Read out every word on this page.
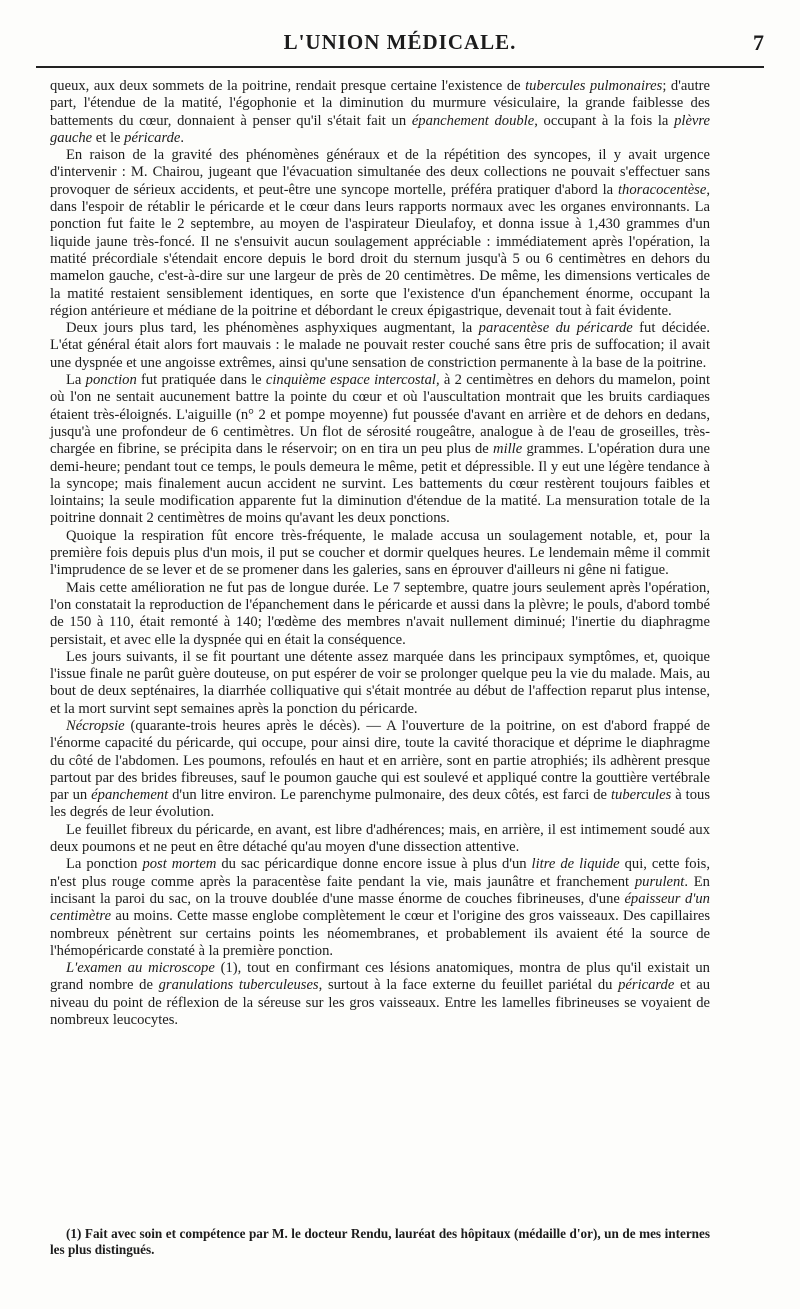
L'UNION MÉDICALE.	7

queux, aux deux sommets de la poitrine, rendait presque certaine l'existence de tubercules pulmonaires; d'autre part, l'étendue de la matité, l'égophonie et la diminution du murmure vésiculaire, la grande faiblesse des battements du cœur, donnaient à penser qu'il s'était fait un épanchement double, occupant à la fois la plèvre gauche et le péricarde.

En raison de la gravité des phénomènes généraux et de la répétition des syncopes, il y avait urgence d'intervenir : M. Chairou, jugeant que l'évacuation simultanée des deux collections ne pouvait s'effectuer sans provoquer de sérieux accidents, et peut-être une syncope mortelle, préféra pratiquer d'abord la thoracocentèse, dans l'espoir de rétablir le péricarde et le cœur dans leurs rapports normaux avec les organes environnants. La ponction fut faite le 2 septembre, au moyen de l'aspirateur Dieulafoy, et donna issue à 1,430 grammes d'un liquide jaune très-foncé. Il ne s'ensuivit aucun soulagement appréciable : immédiatement après l'opération, la matité précordiale s'étendait encore depuis le bord droit du sternum jusqu'à 5 ou 6 centimètres en dehors du mamelon gauche, c'est-à-dire sur une largeur de près de 20 centimètres. De même, les dimensions verticales de la matité restaient sensiblement identiques, en sorte que l'existence d'un épanchement énorme, occupant la région antérieure et médiane de la poitrine et débordant le creux épigastrique, devenait tout à fait évidente.

Deux jours plus tard, les phénomènes asphyxiques augmentant, la paracentèse du péricarde fut décidée. L'état général était alors fort mauvais : le malade ne pouvait rester couché sans être pris de suffocation; il avait une dyspnée et une angoisse extrêmes, ainsi qu'une sensation de constriction permanente à la base de la poitrine.

La ponction fut pratiquée dans le cinquième espace intercostal, à 2 centimètres en dehors du mamelon, point où l'on ne sentait aucunement battre la pointe du cœur et où l'auscultation montrait que les bruits cardiaques étaient très-éloignés. L'aiguille (n° 2 et pompe moyenne) fut poussée d'avant en arrière et de dehors en dedans, jusqu'à une profondeur de 6 centimètres. Un flot de sérosité rougeâtre, analogue à de l'eau de groseilles, très-chargée en fibrine, se précipita dans le réservoir; on en tira un peu plus de mille grammes. L'opération dura une demi-heure; pendant tout ce temps, le pouls demeura le même, petit et dépressible. Il y eut une légère tendance à la syncope; mais finalement aucun accident ne survint. Les battements du cœur restèrent toujours faibles et lointains; la seule modification apparente fut la diminution d'étendue de la matité. La mensuration totale de la poitrine donnait 2 centimètres de moins qu'avant les deux ponctions.

Quoique la respiration fût encore très-fréquente, le malade accusa un soulagement notable, et, pour la première fois depuis plus d'un mois, il put se coucher et dormir quelques heures. Le lendemain même il commit l'imprudence de se lever et de se promener dans les galeries, sans en éprouver d'ailleurs ni gêne ni fatigue.

Mais cette amélioration ne fut pas de longue durée. Le 7 septembre, quatre jours seulement après l'opération, l'on constatait la reproduction de l'épanchement dans le péricarde et aussi dans la plèvre; le pouls, d'abord tombé de 150 à 110, était remonté à 140; l'œdème des membres n'avait nullement diminué; l'inertie du diaphragme persistait, et avec elle la dyspnée qui en était la conséquence.

Les jours suivants, il se fit pourtant une détente assez marquée dans les principaux symptômes, et, quoique l'issue finale ne parût guère douteuse, on put espérer de voir se prolonger quelque peu la vie du malade. Mais, au bout de deux septénaires, la diarrhée colliquative qui s'était montrée au début de l'affection reparut plus intense, et la mort survint sept semaines après la ponction du péricarde.

Nécropsie (quarante-trois heures après le décès). — A l'ouverture de la poitrine, on est d'abord frappé de l'énorme capacité du péricarde, qui occupe, pour ainsi dire, toute la cavité thoracique et déprime le diaphragme du côté de l'abdomen. Les poumons, refoulés en haut et en arrière, sont en partie atrophiés; ils adhèrent presque partout par des brides fibreuses, sauf le poumon gauche qui est soulevé et appliqué contre la gouttière vertébrale par un épanchement d'un litre environ. Le parenchyme pulmonaire, des deux côtés, est farci de tubercules à tous les degrés de leur évolution.

Le feuillet fibreux du péricarde, en avant, est libre d'adhérences; mais, en arrière, il est intimement soudé aux deux poumons et ne peut en être détaché qu'au moyen d'une dissection attentive.

La ponction post mortem du sac péricardique donne encore issue à plus d'un litre de liquide qui, cette fois, n'est plus rouge comme après la paracentèse faite pendant la vie, mais jaunâtre et franchement purulent. En incisant la paroi du sac, on la trouve doublée d'une masse énorme de couches fibrineuses, d'une épaisseur d'un centimètre au moins. Cette masse englobe complètement le cœur et l'origine des gros vaisseaux. Des capillaires nombreux pénètrent sur certains points les néomembranes, et probablement ils avaient été la source de l'hémopéricarde constaté à la première ponction.

L'examen au microscope (1), tout en confirmant ces lésions anatomiques, montra de plus qu'il existait un grand nombre de granulations tuberculeuses, surtout à la face externe du feuillet pariétal du péricarde et au niveau du point de réflexion de la séreuse sur les gros vaisseaux. Entre les lamelles fibrineuses se voyaient de nombreux leucocytes.

(1) Fait avec soin et compétence par M. le docteur Rendu, lauréat des hôpitaux (médaille d'or), un de mes internes les plus distingués.
